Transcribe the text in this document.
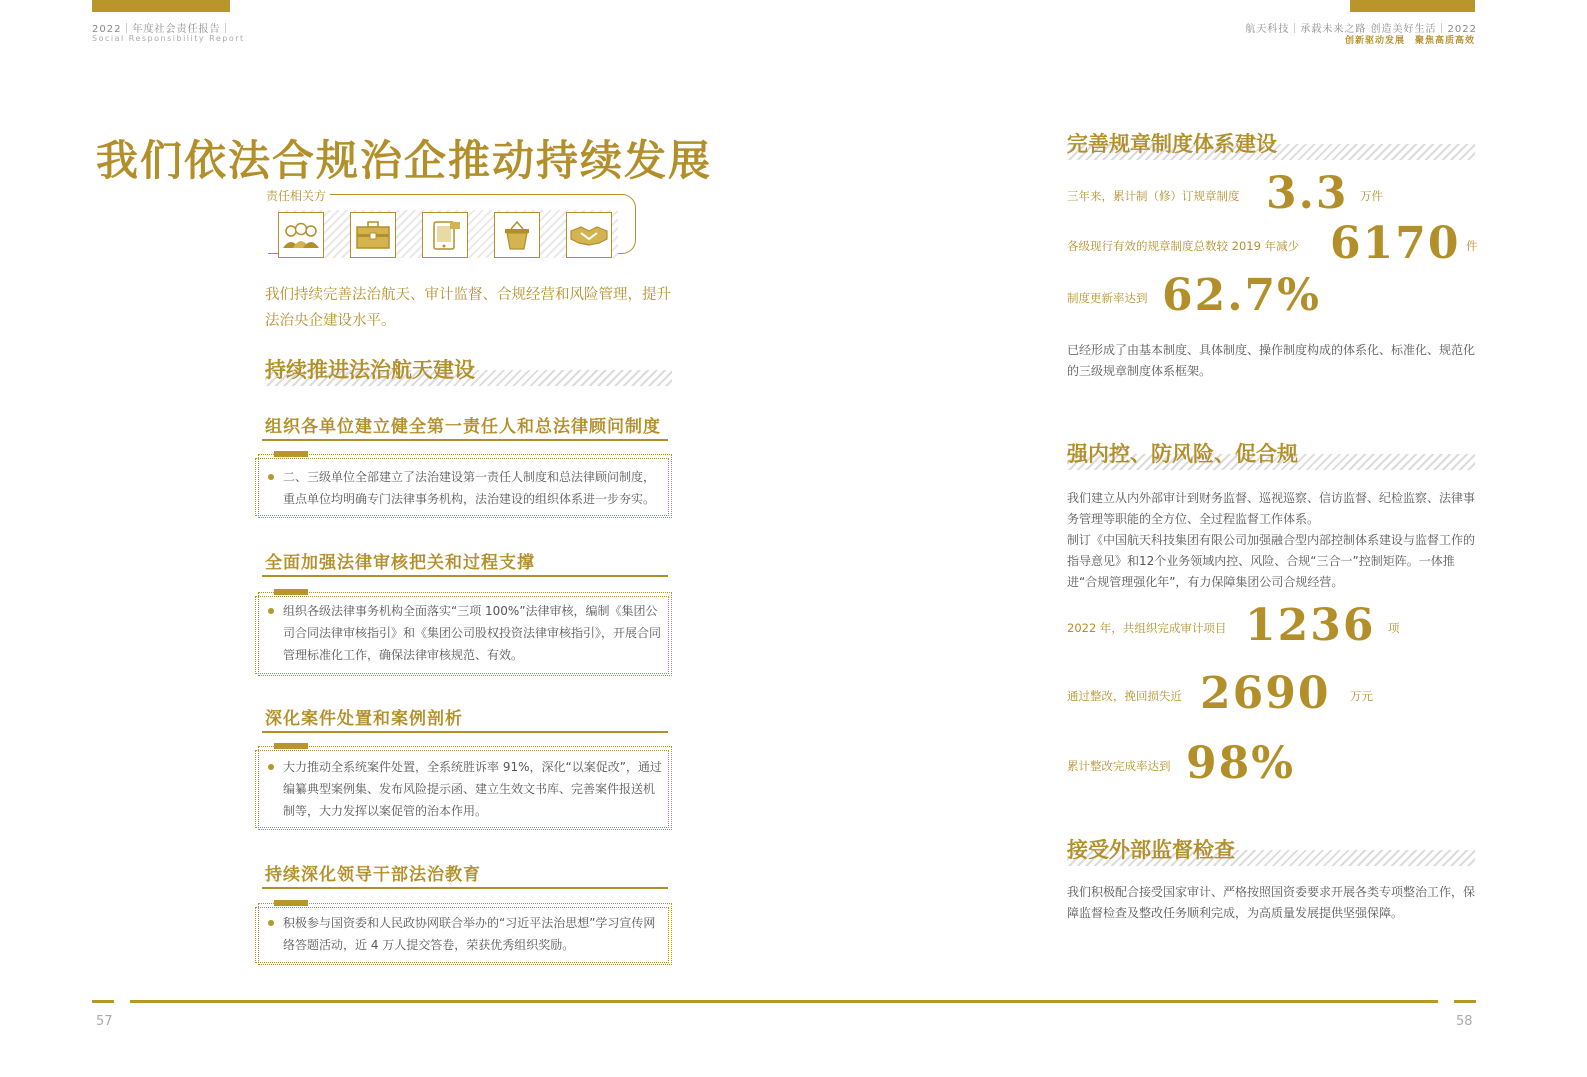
2022｜年度社会责任报告｜
Social Responsibility Report
航天科技｜承载未来之路 创造美好生活｜2022
创新驱动发展　聚焦高质高效
我们依法合规治企推动持续发展
责任相关方
我们持续完善法治航天、审计监督、合规经营和风险管理，提升法治央企建设水平。
持续推进法治航天建设
组织各单位建立健全第一责任人和总法律顾问制度
二、三级单位全部建立了法治建设第一责任人制度和总法律顾问制度，重点单位均明确专门法律事务机构，法治建设的组织体系进一步夯实。
全面加强法律审核把关和过程支撑
组织各级法律事务机构全面落实“三项 100%”法律审核，编制《集团公司合同法律审核指引》和《集团公司股权投资法律审核指引》，开展合同管理标准化工作，确保法律审核规范、有效。
深化案件处置和案例剖析
大力推动全系统案件处置，全系统胜诉率 91%，深化“以案促改”，通过编纂典型案例集、发布风险提示函、建立生效文书库、完善案件报送机制等，大力发挥以案促管的治本作用。
持续深化领导干部法治教育
积极参与国资委和人民政协网联合举办的“习近平法治思想”学习宣传网络答题活动，近 4 万人提交答卷，荣获优秀组织奖励。
完善规章制度体系建设
三年来，累计制（修）订规章制度 3.3 万件
各级现行有效的规章制度总数较 2019 年减少 6170 件
制度更新率达到 62.7%
已经形成了由基本制度、具体制度、操作制度构成的体系化、标准化、规范化的三级规章制度体系框架。
强内控、防风险、促合规
我们建立从内外部审计到财务监督、巡视巡察、信访监督、纪检监察、法律事务管理等职能的全方位、全过程监督工作体系。
制订《中国航天科技集团有限公司加强融合型内部控制体系建设与监督工作的指导意见》和12个业务领域内控、风险、合规“三合一”控制矩阵。一体推进“合规管理强化年”，有力保障集团公司合规经营。
2022 年，共组织完成审计项目 1236 项
通过整改，挽回损失近 2690 万元
累计整改完成率达到 98%
接受外部监督检查
我们积极配合接受国家审计、严格按照国资委要求开展各类专项整治工作，保障监督检查及整改任务顺利完成，为高质量发展提供坚强保障。
57	58
